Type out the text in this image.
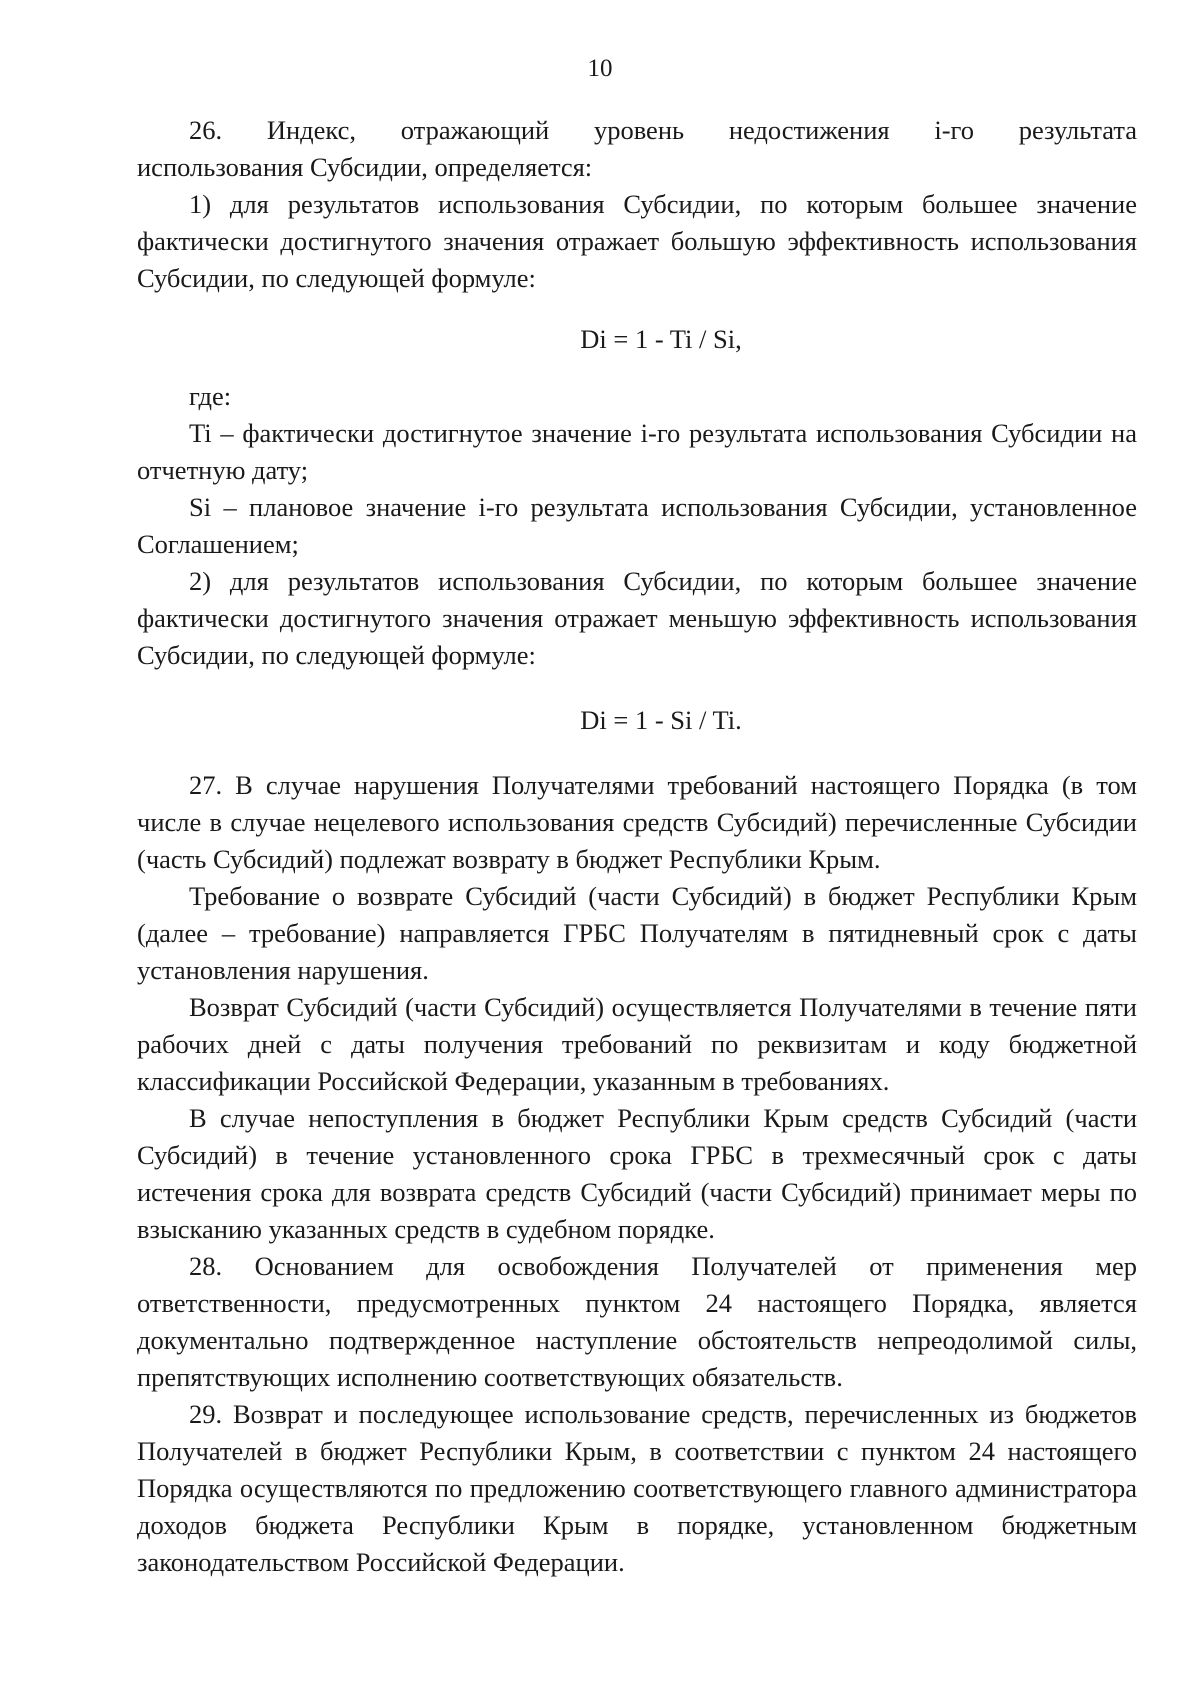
10

26. Индекс, отражающий уровень недостижения i-го результата

использования Субсидии, определяется:

1) для результатов использования Субсидии, по которым большее значение фактически достигнутого значения отражает большую эффективность использования Субсидии, по следующей формуле:

Di = 1 - Ti / Si,

где:

Ti – фактически достигнутое значение i-го результата использования Субсидии на отчетную дату;

Si – плановое значение i-го результата использования Субсидии, установленное Соглашением;

2) для результатов использования Субсидии, по которым большее значение фактически достигнутого значения отражает меньшую эффективность использования Субсидии, по следующей формуле:

Di = 1 - Si / Ti.

27. В случае нарушения Получателями требований настоящего Порядка (в том числе в случае нецелевого использования средств Субсидий) перечисленные Субсидии (часть Субсидий) подлежат возврату в бюджет Республики Крым.

Требование о возврате Субсидий (части Субсидий) в бюджет Республики Крым (далее – требование) направляется ГРБС Получателям в пятидневный срок с даты установления нарушения.

Возврат Субсидий (части Субсидий) осуществляется Получателями в течение пяти рабочих дней с даты получения требований по реквизитам и коду бюджетной классификации Российской Федерации, указанным в требованиях.

В случае непоступления в бюджет Республики Крым средств Субсидий (части Субсидий) в течение установленного срока ГРБС в трехмесячный срок с даты истечения срока для возврата средств Субсидий (части Субсидий) принимает меры по взысканию указанных средств в судебном порядке.

28. Основанием для освобождения Получателей от применения мер ответственности, предусмотренных пунктом 24 настоящего Порядка, является документально подтвержденное наступление обстоятельств непреодолимой силы, препятствующих исполнению соответствующих обязательств.

29. Возврат и последующее использование средств, перечисленных из бюджетов Получателей в бюджет Республики Крым, в соответствии с пунктом 24 настоящего Порядка осуществляются по предложению соответствующего главного администратора доходов бюджета Республики Крым в порядке, установленном бюджетным законодательством Российской Федерации.
